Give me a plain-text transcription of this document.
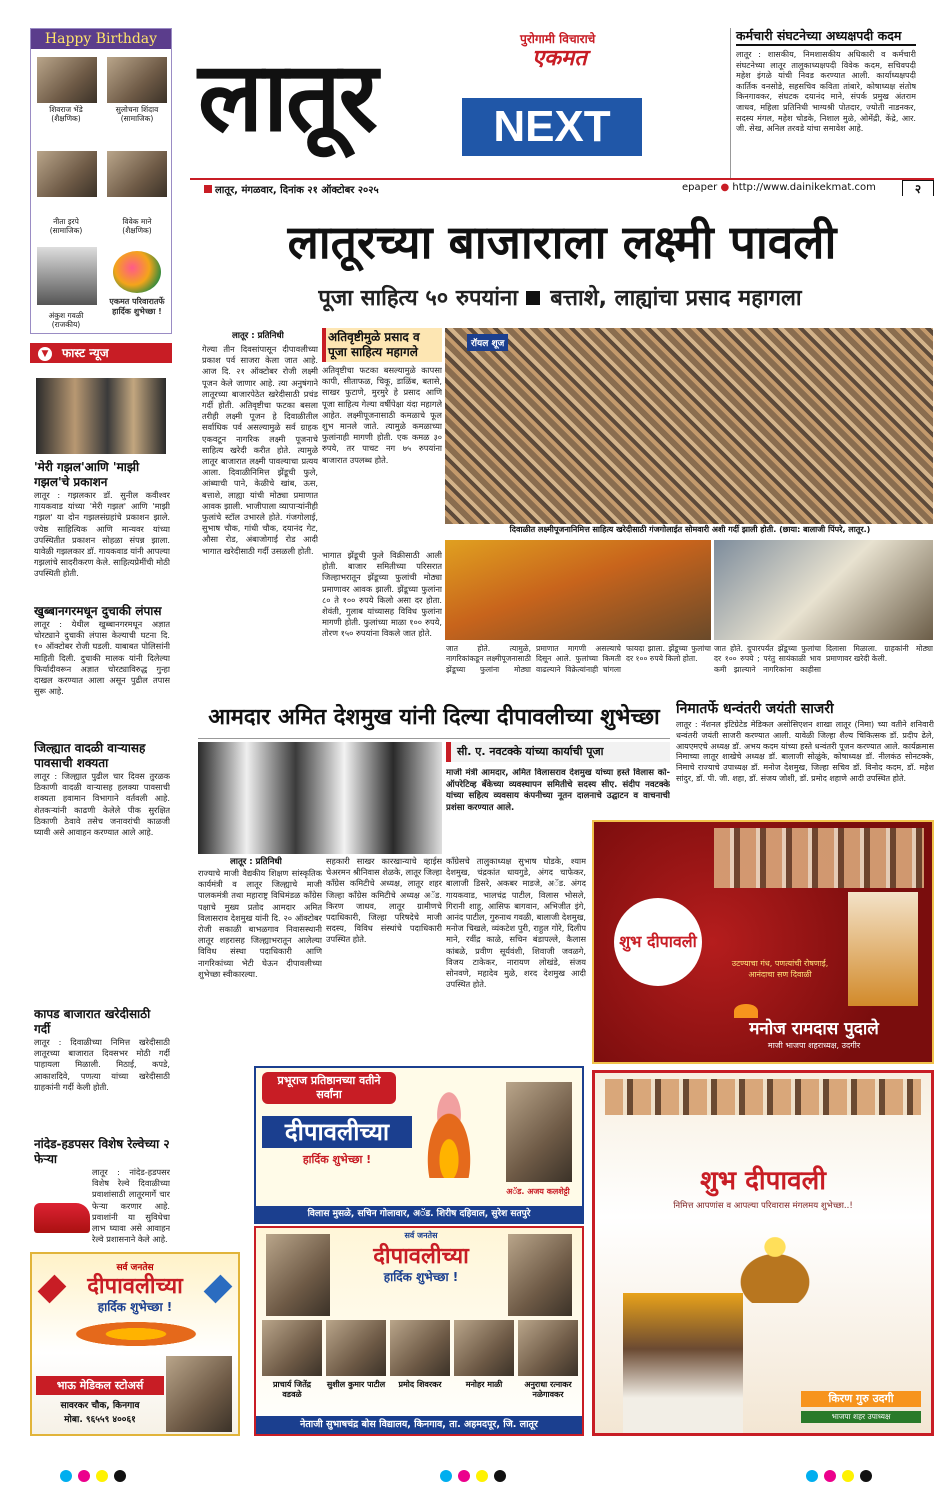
Happy Birthday
शिवराज भेंडे
(शैक्षणिक)
सुलोचना शिंदाव
(सामाजिक)
नीता इरपे
(सामाजिक)
विवेक माने
(शैक्षणिक)
अंकुश गवळी
(राजकीय)
एकमत परिवारातर्फे हार्दिक शुभेच्छा !
▼ फास्ट न्यूज
'मेरी गझल'आणि 'माझी गझल'चे प्रकाशन
लातूर : गझलकार डॉ. सुनील कवीश्वर गायकवाड यांच्या 'मेरी गझल' आणि 'माझी गझल' या दोन गझलसंग्रहांचे प्रकाशन झाले. ज्येष्ठ साहित्यिक आणि मान्यवर यांच्या उपस्थितीत प्रकाशन सोहळा संपन्न झाला. यावेळी गझलकार डॉ. गायकवाड यांनी आपल्या गझलांचे सादरीकरण केले. साहित्यप्रेमींची मोठी उपस्थिती होती.
खुब्बानगरमधून दुचाकी लंपास
लातूर : येथील खुब्बानगरमधून अज्ञात चोरट्याने दुचाकी लंपास केल्याची घटना दि. १० ऑक्टोबर रोजी घडली. याबाबत पोलिसांनी माहिती दिली. दुचाकी मालक यांनी दिलेल्या फिर्यादीवरून अज्ञात चोरट्याविरुद्ध गुन्हा दाखल करण्यात आला असून पुढील तपास सुरू आहे.
जिल्ह्यात वादळी वाऱ्यासह पावसाची शक्यता
लातूर : जिल्ह्यात पुढील चार दिवस तुरळक ठिकाणी वादळी वाऱ्यासह हलक्या पावसाची शक्यता हवामान विभागाने वर्तवली आहे. शेतकऱ्यांनी काढणी केलेले पीक सुरक्षित ठिकाणी ठेवावे तसेच जनावरांची काळजी घ्यावी असे आवाहन करण्यात आले आहे.
कापड बाजारात खरेदीसाठी गर्दी
लातूर : दिवाळीच्या निमित्त खरेदीसाठी लातूरच्या बाजारात दिवसभर मोठी गर्दी पाहायला मिळाली. मिठाई, कपडे, आकाशदिवे, पणत्या यांच्या खरेदीसाठी ग्राहकांनी गर्दी केली होती.
नांदेड-हडपसर विशेष रेल्वेच्या २ फेऱ्या
लातूर : नांदेड-हडपसर विशेष रेल्वे दिवाळीच्या प्रवाशांसाठी लातूरमार्गे चार फेऱ्या करणार आहे. प्रवाशांनी या सुविधेचा लाभ घ्यावा असे आवाहन रेल्वे प्रशासनाने केले आहे.
सर्व जनतेस
दीपावलीच्या
हार्दिक शुभेच्छा !
भाऊ मेडिकल स्टोअर्स
सावरकर चौक, किनगाव
मोबा. ९६५५९ ४००६१
लातूर
पुरोगामी विचाराचे
एकमत
NEXT
लातूर, मंगळवार, दिनांक २१ ऑक्टोबर २०२५	epaper ● http://www.dainikekmat.com	२
कर्मचारी संघटनेच्या अध्यक्षपदी कदम
लातूर : शासकीय, निमशासकीय अधिकारी व कर्मचारी संघटनेच्या लातूर तालुकाध्यक्षपदी विवेक कदम, सचिवपदी महेश इंगळे यांची निवड करण्यात आली. कार्याध्यक्षपदी कार्तिक वनसोडे, सहसचिव कविता तांबारे, कोषाध्यक्ष संतोष किनगावकर, संघटक दयानंद माने, संपर्क प्रमुख अंतराम जाधव, महिला प्रतिनिधी भाग्यश्री पोतदार, ज्योती नाडनकर, सदस्य मंगल, महेश चोडके, निशाल मुळे, ओमेंद्री, केंद्रे, आर. जी. सेख, अनिल तरवडे यांचा समावेश आहे.
लातूरच्या बाजाराला लक्ष्मी पावली
पूजा साहित्य ५० रुपयांना बत्ताशे, लाह्यांचा प्रसाद महागला
लातूर : प्रतिनिधी
गेल्या तीन दिवसांपासून दीपावलीच्या प्रकाश पर्व साजरा केला जात आहे. आज दि. २१ ऑक्टोबर रोजी लक्ष्मी पूजन केले जाणार आहे. त्या अनुषंगाने लातूरच्या बाजारपेठेत खरेदीसाठी प्रचंड गर्दी होती. अतिवृष्टीचा फटका बसला तरीही लक्ष्मी पूजन हे दिवाळीतील सर्वाधिक पर्व असल्यामुळे सर्व ग्राहक एकवटून नागरिक लक्ष्मी पूजनाचे साहित्य खरेदी करीत होते. त्यामुळे लातूर बाजारात लक्ष्मी पावल्याचा प्रत्यय आला. दिवाळीनिमित्त झेंडूची फुले, आंब्याची पाने, केळीचे खांब, ऊस, बत्ताशे, लाह्या यांची मोठ्या प्रमाणात आवक झाली. भाजीपाला व्यापाऱ्यांनीही फुलांचे स्टॉल उभारले होते. गंजगोलाई, सुभाष चौक, गांधी चौक, दयानंद गेट, औसा रोड, अंबाजोगाई रोड आदी भागात खरेदीसाठी गर्दी उसळली होती.
अतिवृष्टीमुळे प्रसाद व पूजा साहित्य महागले
अतिवृष्टीचा फटका बसल्यामुळे कापसा कापी, सीताफळ, चिकू, डाळिंब, बतासे, साखर फुटाणे, मुरमुरे हे प्रसाद आणि पूजा साहित्य गेल्या वर्षीपेक्षा यंदा महागले आहेत. लक्ष्मीपूजनासाठी कमळाचे फूल शुभ मानले जाते. त्यामुळे कमळाच्या फुलांनाही मागणी होती. एक कमळ ३० रुपये, तर पाचट नग ७५ रुपयांना बाजारात उपलब्ध होते.
भागात झेंडूची फुले विक्रीसाठी आली होती. बाजार समितीच्या परिसरात जिल्हाभरातून झेंडूच्या फुलांची मोठ्या प्रमाणावर आवक झाली. झेंडूच्या फुलांना ८० ते १०० रुपये किलो असा दर होता. शेवंती, गुलाब यांच्यासह विविध फुलांना मागणी होती. फुलांच्या माळा १०० रुपये, तोरण १५० रुपयांना विकले जात होते.
रॉयल शूज
दिवाळीत लक्ष्मीपूजनानिमित्त साहित्य खरेदीसाठी गंजगोलाईत सोमवारी अशी गर्दी झाली होती. (छाया: बालाजी पिंपरे, लातूर.)
जात होते. त्यामुळे, नागरिकांकडून लक्ष्मीपूजनासाठी झेंडूच्या फुलांना मोठ्या प्रमाणात मागणी असल्याचे दिसून आले. फुलांच्या किमती वाढल्याने विक्रेत्यांनाही चांगला फायदा झाला. झेंडूच्या फुलांचा दर १०० रुपये किलो होता.
जात होते. दुपारपर्यंत झेंडूच्या फुलांचा दर १०० रुपये ; परंतु सायंकाळी भाव कमी झाल्याने नागरिकांना काहीसा दिलासा मिळाला. ग्राहकांनी मोठ्या प्रमाणावर खरेदी केली.
आमदार अमित देशमुख यांनी दिल्या दीपावलीच्या शुभेच्छा
सी. ए. नवटक्के यांच्या कार्याची पूजा
माजी मंत्री आमदार, अमित विलासराव देशमुख यांच्या हस्ते विलास को-ऑपरेटिव्ह बँकेच्या व्यवस्थापन समितीचे सदस्य सीए. संदीप नवटक्के यांच्या सहित्य व्यवसाय कंपनीच्या नूतन दालनाचे उद्घाटन व वाचनाची प्रशंसा करण्यात आले.
लातूर : प्रतिनिधी
राज्याचे माजी वैद्यकीय शिक्षण सांस्कृतिक कार्यमंत्री व लातूर जिल्ह्याचे माजी पालकमंत्री तथा महाराष्ट्र विधिमंडळ काँग्रेस पक्षाचे मुख्य प्रतोद आमदार अमित विलासराव देशमुख यांनी दि. २० ऑक्टोबर रोजी सकाळी बाभळगाव निवासस्थानी लातूर शहरासह जिल्ह्याभरातून आलेल्या विविध संस्था पदाधिकारी आणि नागरिकांच्या भेटी घेऊन दीपावलीच्या शुभेच्छा स्वीकारल्या.
सहकारी साखर कारखान्याचे व्हाईस चेअरमन श्रीनिवास शेळके, लातूर जिल्हा काँग्रेस कमिटीचे अध्यक्ष, लातूर शहर जिल्हा काँग्रेस कमिटीचे अध्यक्ष अॅड. किरण जाधव, लातूर ग्रामीणचे पदाधिकारी, जिल्हा परिषदेचे माजी सदस्य, विविध संस्थांचे पदाधिकारी उपस्थित होते.
काँग्रेसचे तालुकाध्यक्ष सुभाष घोडके, श्याम देशमुख, चंद्रकांत धायगुडे, अंगद चाफेकर, बालाजी डिसरे, अकबर माडजे, अॅड. अंगद गायकवाड, भालचंद्र पाटील, विलास भोसले, गिरानी शाहू, आसिफ बागवान, अभिजीत इंगे, आनंद पाटील, गुरुनाथ गवळी, बालाजी देशमुख, मनोज चिखले, व्यंकटेश पुरी, राहुल गोरे, दिलीप माने, रवींद्र काळे, सचिन बंडापल्ले, कैलास कांबळे, प्रवीण सूर्यवंशी, शिवाजी जवळगे, विजय टाकेकर, नारायण लोखंडे, संजय सोनवणे, महादेव मुळे, शरद देशमुख आदी उपस्थित होते.
निमातर्फे धन्वंतरी जयंती साजरी
लातूर : नॅशनल इंटिग्रेटेड मेडिकल असोसिएशन शाखा लातूर (निमा) च्या वतीने शनिवारी धन्वंतरी जयंती साजरी करण्यात आली. यावेळी जिल्हा शैल्य चिकित्सक डॉ. प्रदीप ढेले, आयएमएचे अध्यक्ष डॉ. अभय कदम यांच्या हस्ते धन्वंतरी पूजन करण्यात आले. कार्यक्रमास निमाच्या लातूर शाखेचे अध्यक्ष डॉ. बालाजी सोळुंके, कोषाध्यक्ष डॉ. नीलकंठ सोनटक्के, निमाचे राज्याचे उपाध्यक्ष डॉ. मनोज देशमुख, जिल्हा सचिव डॉ. विनोद कदम, डॉ. महेश सांदुर, डॉ. पी. जी. शहा, डॉ. संजय जोशी, डॉ. प्रमोद शहाणे आदी उपस्थित होते.
शुभ दीपावली
उटण्याचा गंध, पणत्यांची रोषणाई, आनंदाचा सण दिवाळी
मनोज रामदास पुदाले
माजी भाजपा शहराध्यक्ष, उदगीर
प्रभूराज प्रतिष्ठानच्या वतीने सर्वांना
दीपावलीच्या
हार्दिक शुभेच्छा !
अॅड. अजय कलशेट्टी
विलास मुसळे, सचिन गोलावार, अॅड. शिरीष दहिवाल, सुरेश सतपुरे
सर्व जनतेस
दीपावलीच्या
हार्दिक शुभेच्छा !
प्राचार्य जितेंद्र वडवळे
सुशील कुमार पाटील	प्रमोद शिवरकर	मनोहर माळी	अनुराधा रत्नाकर नळेगावकर
नेताजी सुभाषचंद्र बोस विद्यालय, किनगाव, ता. अहमदपूर, जि. लातूर
शुभ दीपावली
निमित्त आपणांस व आपल्या परिवारास मंगलमय शुभेच्छा..!
किरण गुरु उदगी
भाजपा शहर उपाध्यक्ष
